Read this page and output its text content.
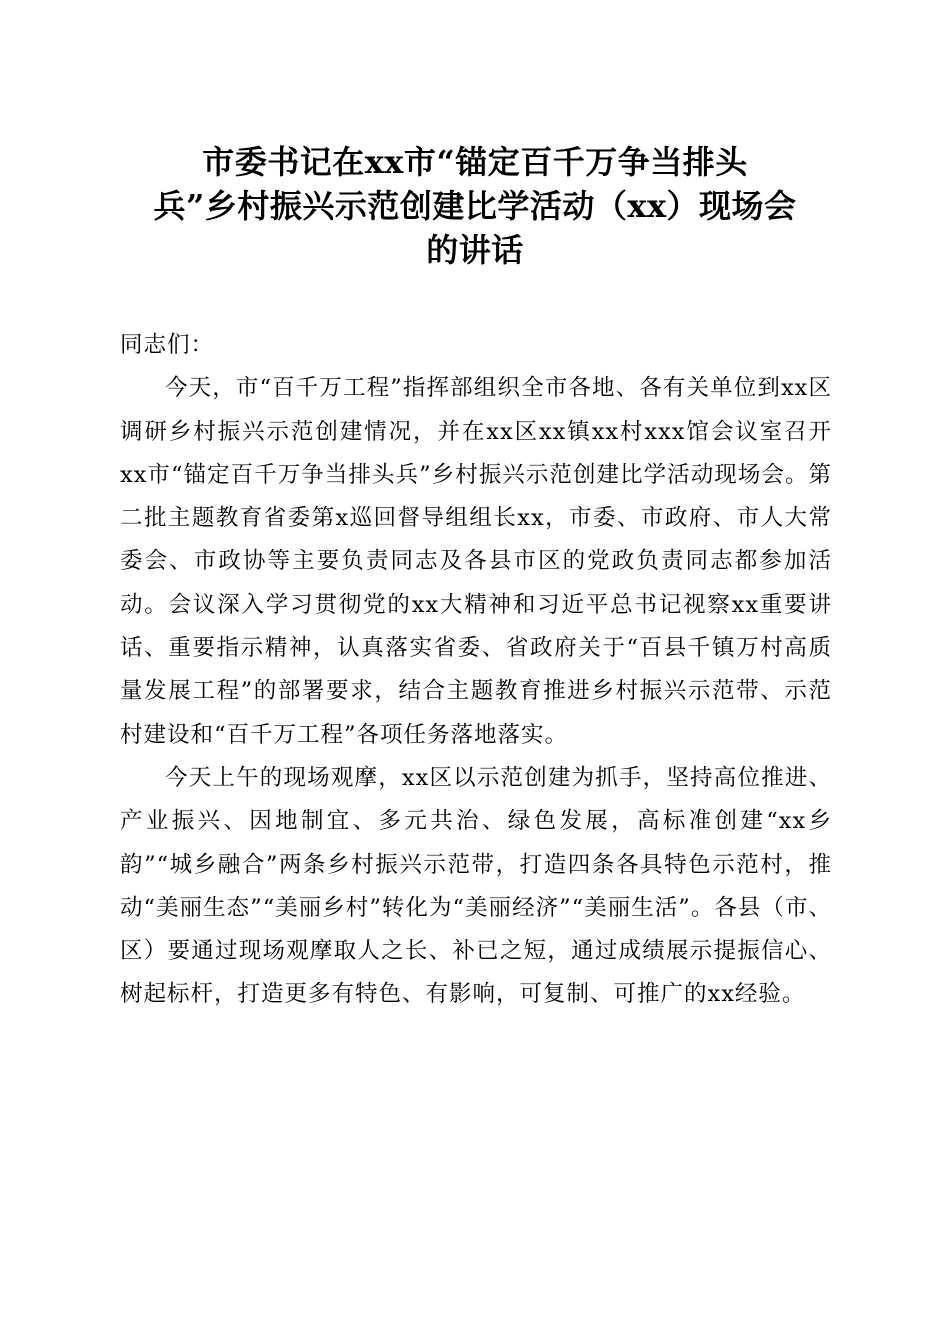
市委书记在xx市“锚定百千万争当排头
兵”乡村振兴示范创建比学活动（xx）现场会
的讲话

同志们：

今天，市“百千万工程”指挥部组织全市各地、各有关单位到xx区调研乡村振兴示范创建情况，并在xx区xx镇xx村xxx馆会议室召开xx市“锚定百千万争当排头兵”乡村振兴示范创建比学活动现场会。第二批主题教育省委第x巡回督导组组长xx，市委、市政府、市人大常委会、市政协等主要负责同志及各县市区的党政负责同志都参加活动。会议深入学习贯彻党的xx大精神和习近平总书记视察xx重要讲话、重要指示精神，认真落实省委、省政府关于“百县千镇万村高质量发展工程”的部署要求，结合主题教育推进乡村振兴示范带、示范村建设和“百千万工程”各项任务落地落实。

今天上午的现场观摩，xx区以示范创建为抓手，坚持高位推进、产业振兴、因地制宜、多元共治、绿色发展，高标准创建“xx乡韵”“城乡融合”两条乡村振兴示范带，打造四条各具特色示范村，推动“美丽生态”“美丽乡村”转化为“美丽经济”“美丽生活”。各县（市、区）要通过现场观摩取人之长、补已之短，通过成绩展示提振信心、树起标杆，打造更多有特色、有影响，可复制、可推广的xx经验。
